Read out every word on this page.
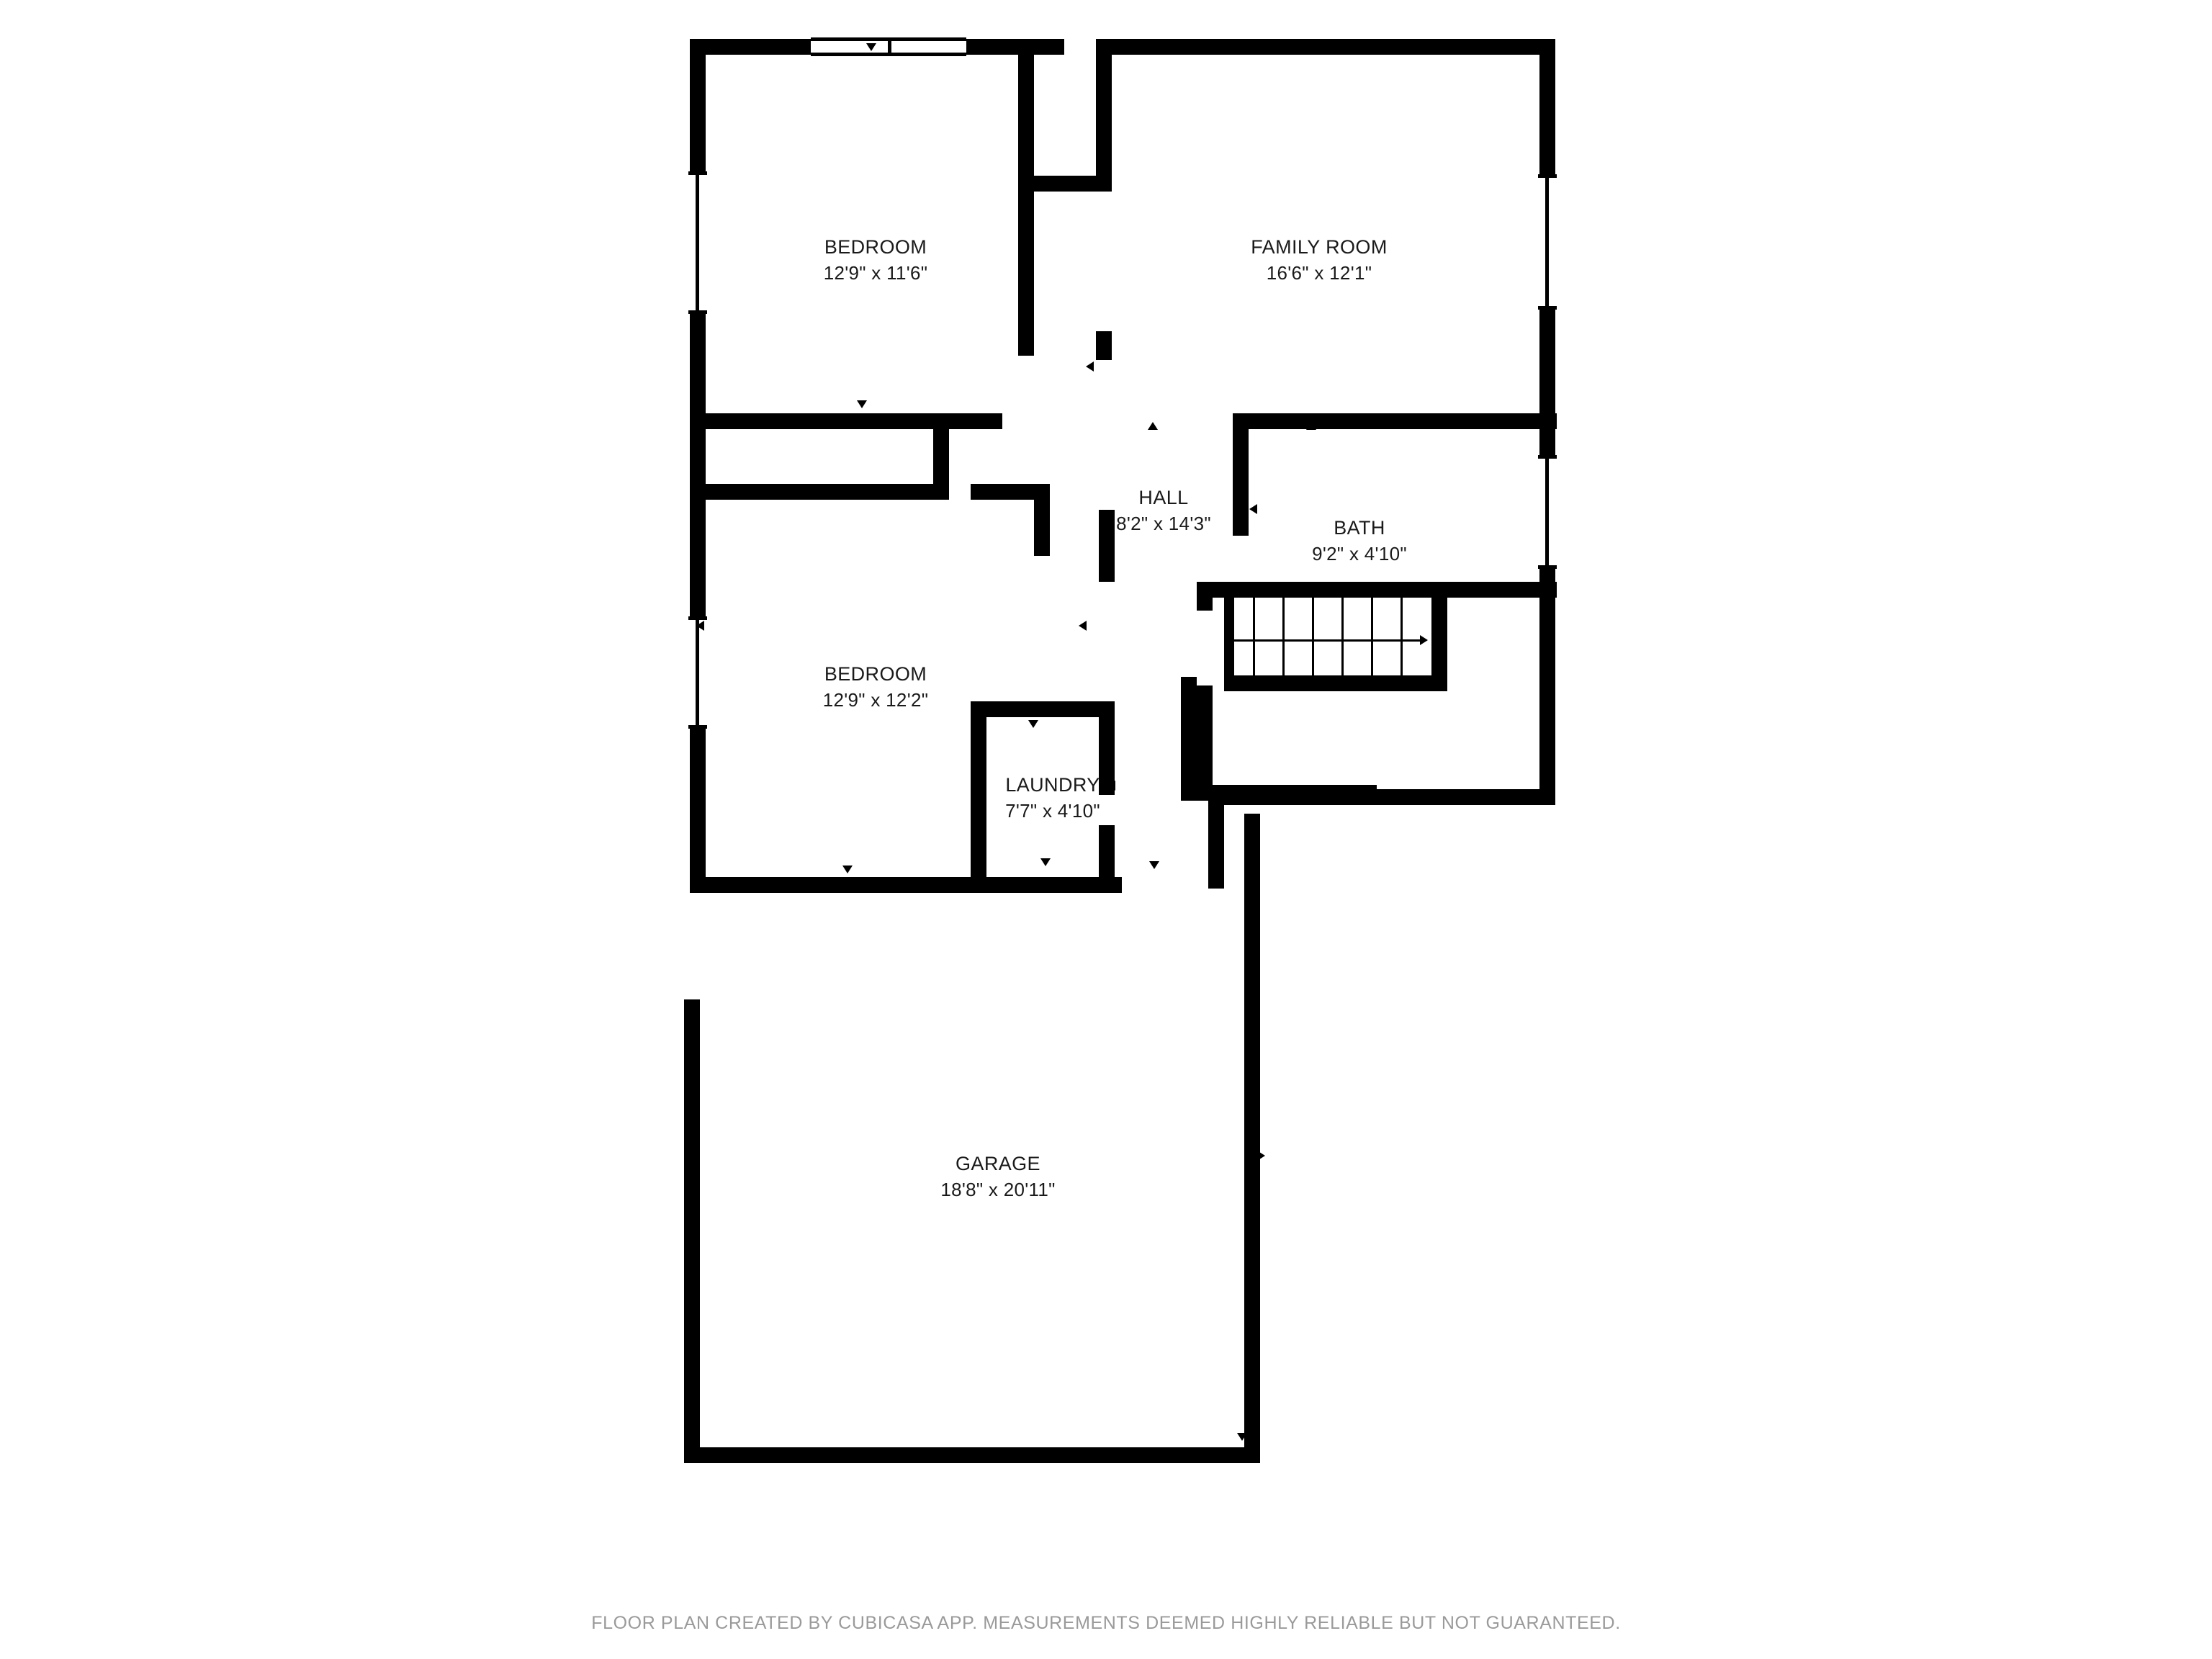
BEDROOM
12'9" x 11'6"
FAMILY ROOM
16'6" x 12'1"
HALL
8'2" x 14'3"	BATH
9'2" x 4'10"
BEDROOM
12'9" x 12'2"
LAUNDRY
7'7" x 4'10"
GARAGE
18'8" x 20'11"
FLOOR PLAN CREATED BY CUBICASA APP. MEASUREMENTS DEEMED HIGHLY RELIABLE BUT NOT GUARANTEED.
